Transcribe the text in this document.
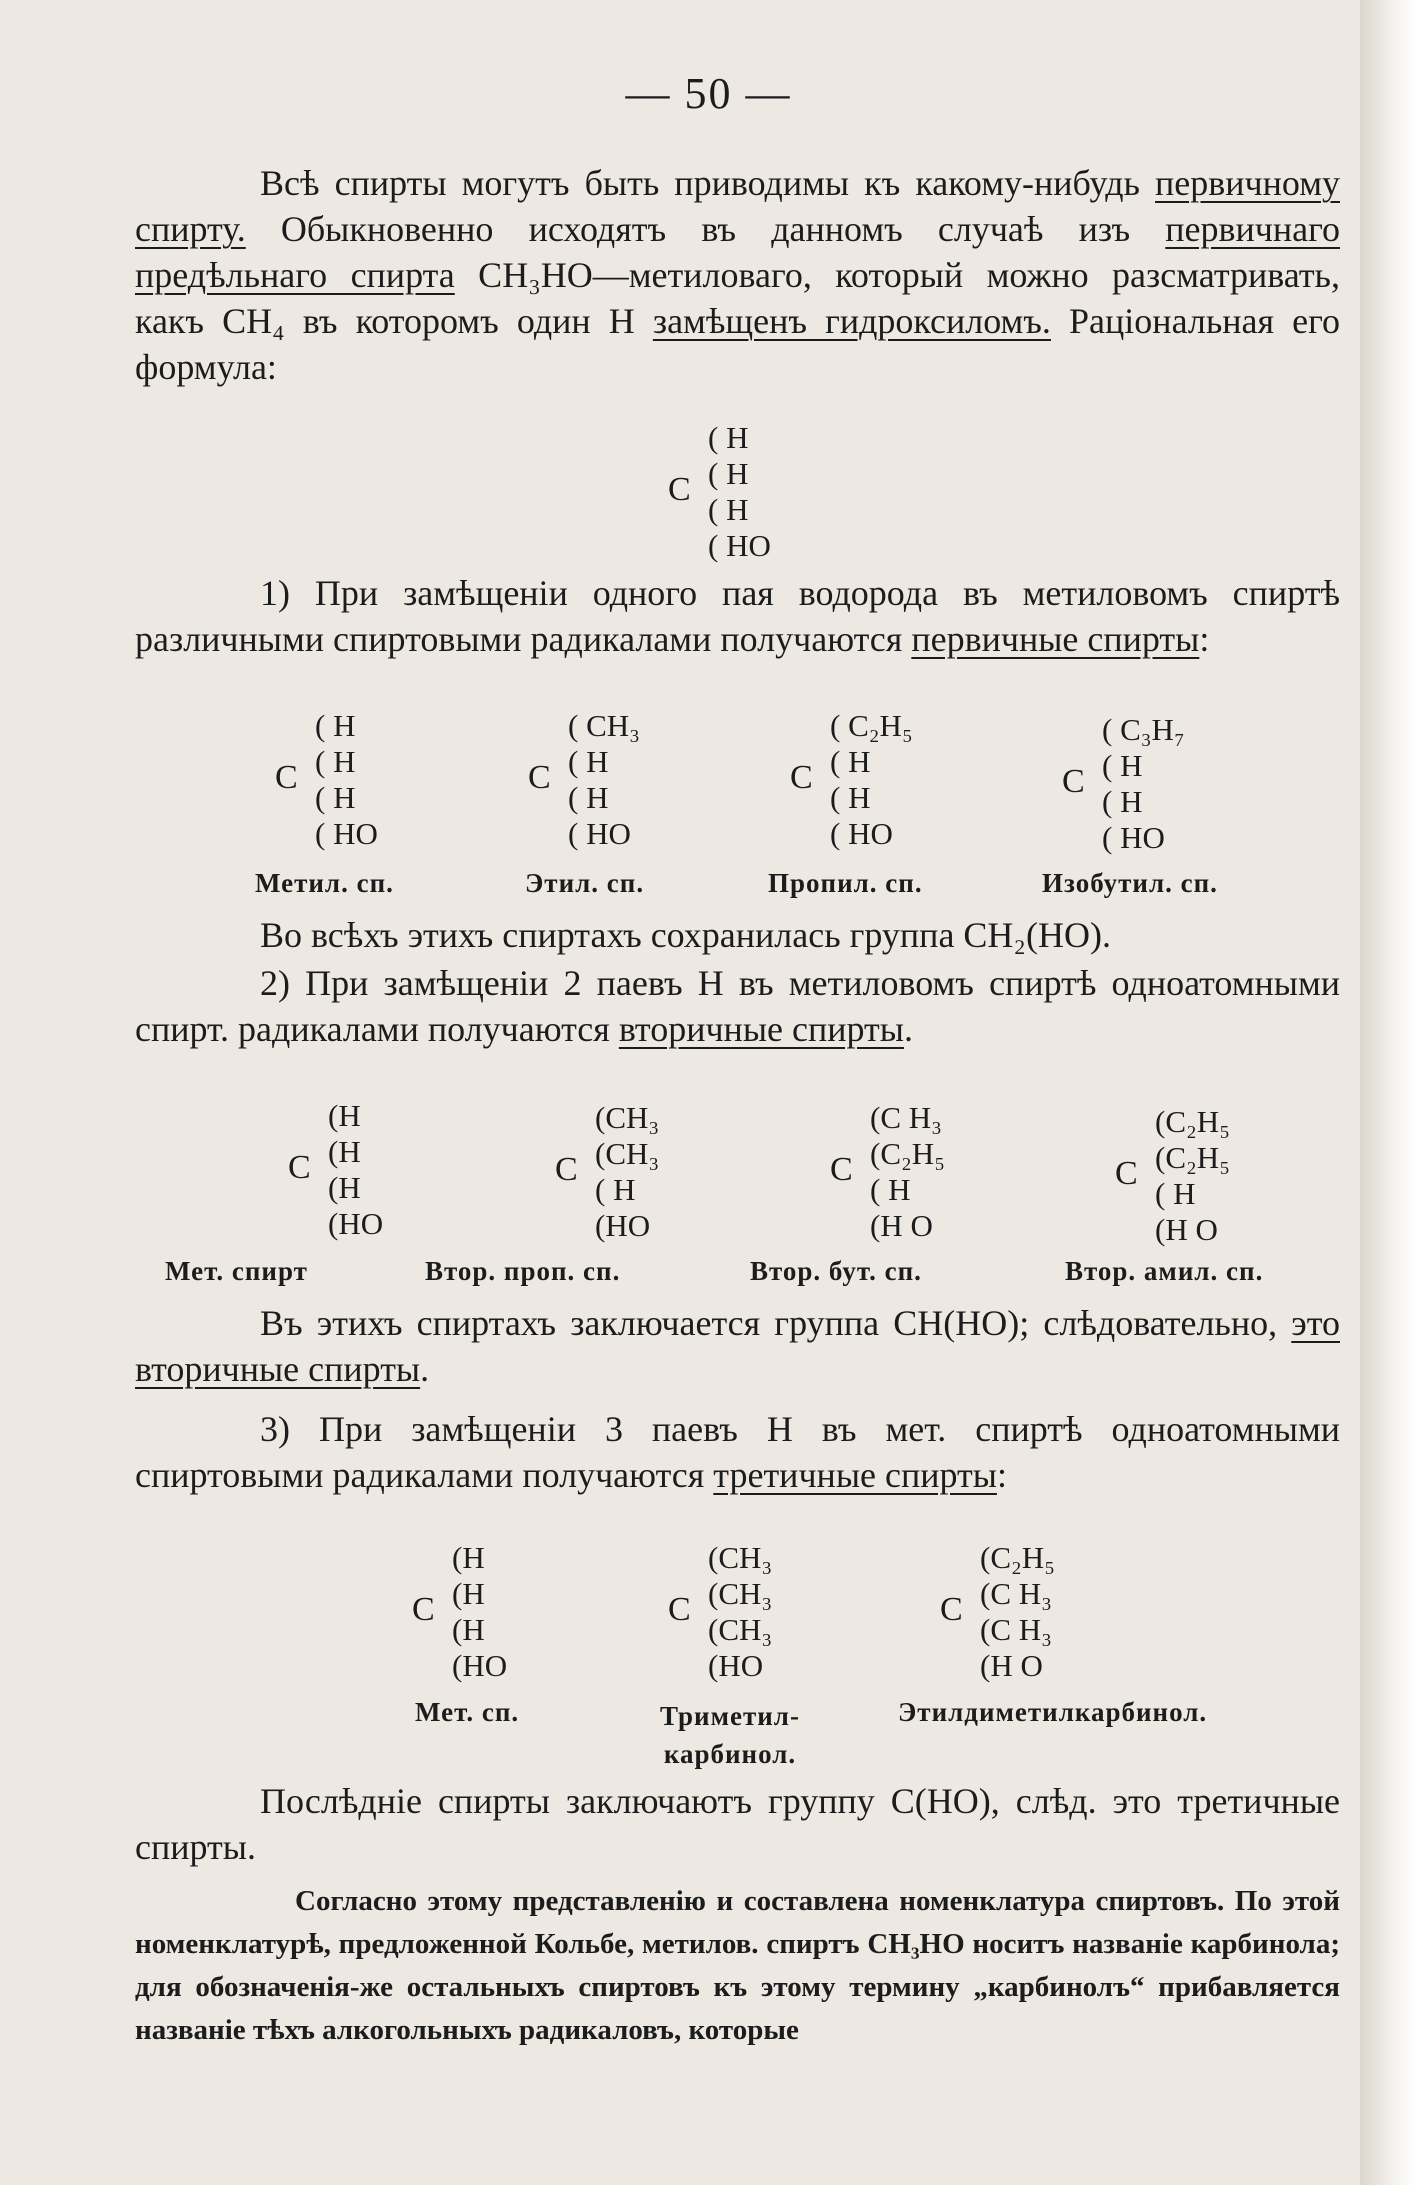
— 50 —
Всѣ спирты могутъ быть приводимы къ какому-нибудь первичному спирту. Обыкновенно исходятъ въ данномъ случаѣ изъ первичнаго предѣльнаго спирта СН₃НО—метиловаго, который можно разсматривать, какъ СН₄ въ которомъ один Н замѣщенъ гидроксиломъ. Раціональная его формула:
C
( H
( H
( H
( HO
1) При замѣщеніи одного пая водорода въ метиловомъ спиртѣ различными спиртовыми радикалами получаются первичные спирты:
C
( H
( H
( H
( HO
C
( CH₃
( H
( H
( HO
C
( C₂H₅
( H
( H
( HO
C
( C₃H₇
( H
( H
( HO
Метил. сп.	Этил. сп.	Пропил. сп.	Изобутил. сп.
Во всѣхъ этихъ спиртахъ сохранилась группа СН₂(НО).
2) При замѣщеніи 2 паевъ Н въ метиловомъ спиртѣ одноатомными спирт. радикалами получаются вторичные спирты.
C
(H
(H
(H
(HO
C
(CH₃
(CH₃
( H
(HO
C
(C H₃
(C₂H₅
( H
(H O
C
(C₂H₅
(C₂H₅
( H
(H O
Мет. спирт	Втор. проп. сп.	Втор. бут. сп.	Втор. амил. сп.
Въ этихъ спиртахъ заключается группа СН(НО); слѣдовательно, это вторичные спирты.
3) При замѣщеніи 3 паевъ Н въ мет. спиртѣ одноатомными спиртовыми радикалами получаются третичные спирты:
C
(H
(H
(H
(HO
C
(CH₃
(CH₃
(CH₃
(HO
C
(C₂H₅
(C H₃
(C H₃
(H O
Мет. сп.	Триметил-
карбинол.
Этилдиметилкарбинол.
Послѣдніе спирты заключаютъ группу С(НО), слѣд. это третичные спирты.
Согласно этому представленію и составлена номенклатура спиртовъ. По этой номенклатурѣ, предложенной Кольбе, метилов. спиртъ СН₃НО носитъ названіе карбинола; для обозначенія-же остальныхъ спиртовъ къ этому термину „карбинолъ“ прибавляется названіе тѣхъ алкогольныхъ радикаловъ, которые
